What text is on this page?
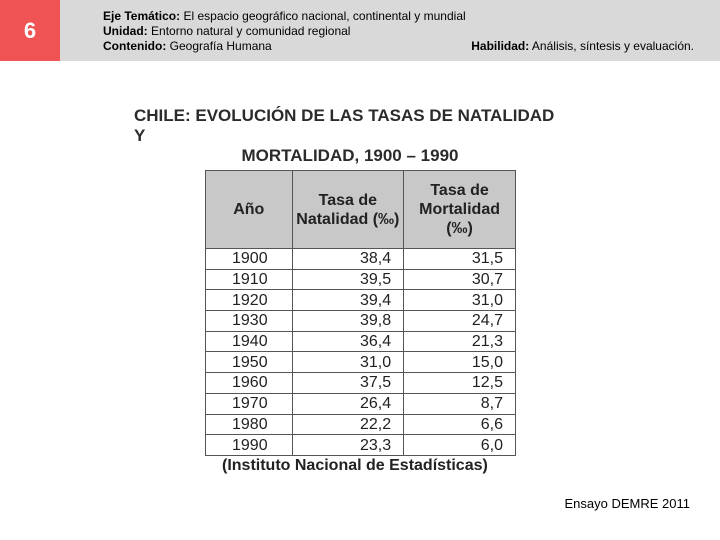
6
Eje Temático: El espacio geográfico nacional, continental y mundial
Unidad: Entorno natural y comunidad regional
Contenido: Geografía Humana	Habilidad: Análisis, síntesis y evaluación.
CHILE: EVOLUCIÓN DE LAS TASAS DE NATALIDAD Y
MORTALIDAD, 1900 – 1990
Año	Tasa de Natalidad (‰)	Tasa de Mortalidad (‰)
1900	38,4	31,5
1910	39,5	30,7
1920	39,4	31,0
1930	39,8	24,7
1940	36,4	21,3
1950	31,0	15,0
1960	37,5	12,5
1970	26,4	8,7
1980	22,2	6,6
1990	23,3	6,0
(Instituto Nacional de Estadísticas)
Ensayo DEMRE 2011
